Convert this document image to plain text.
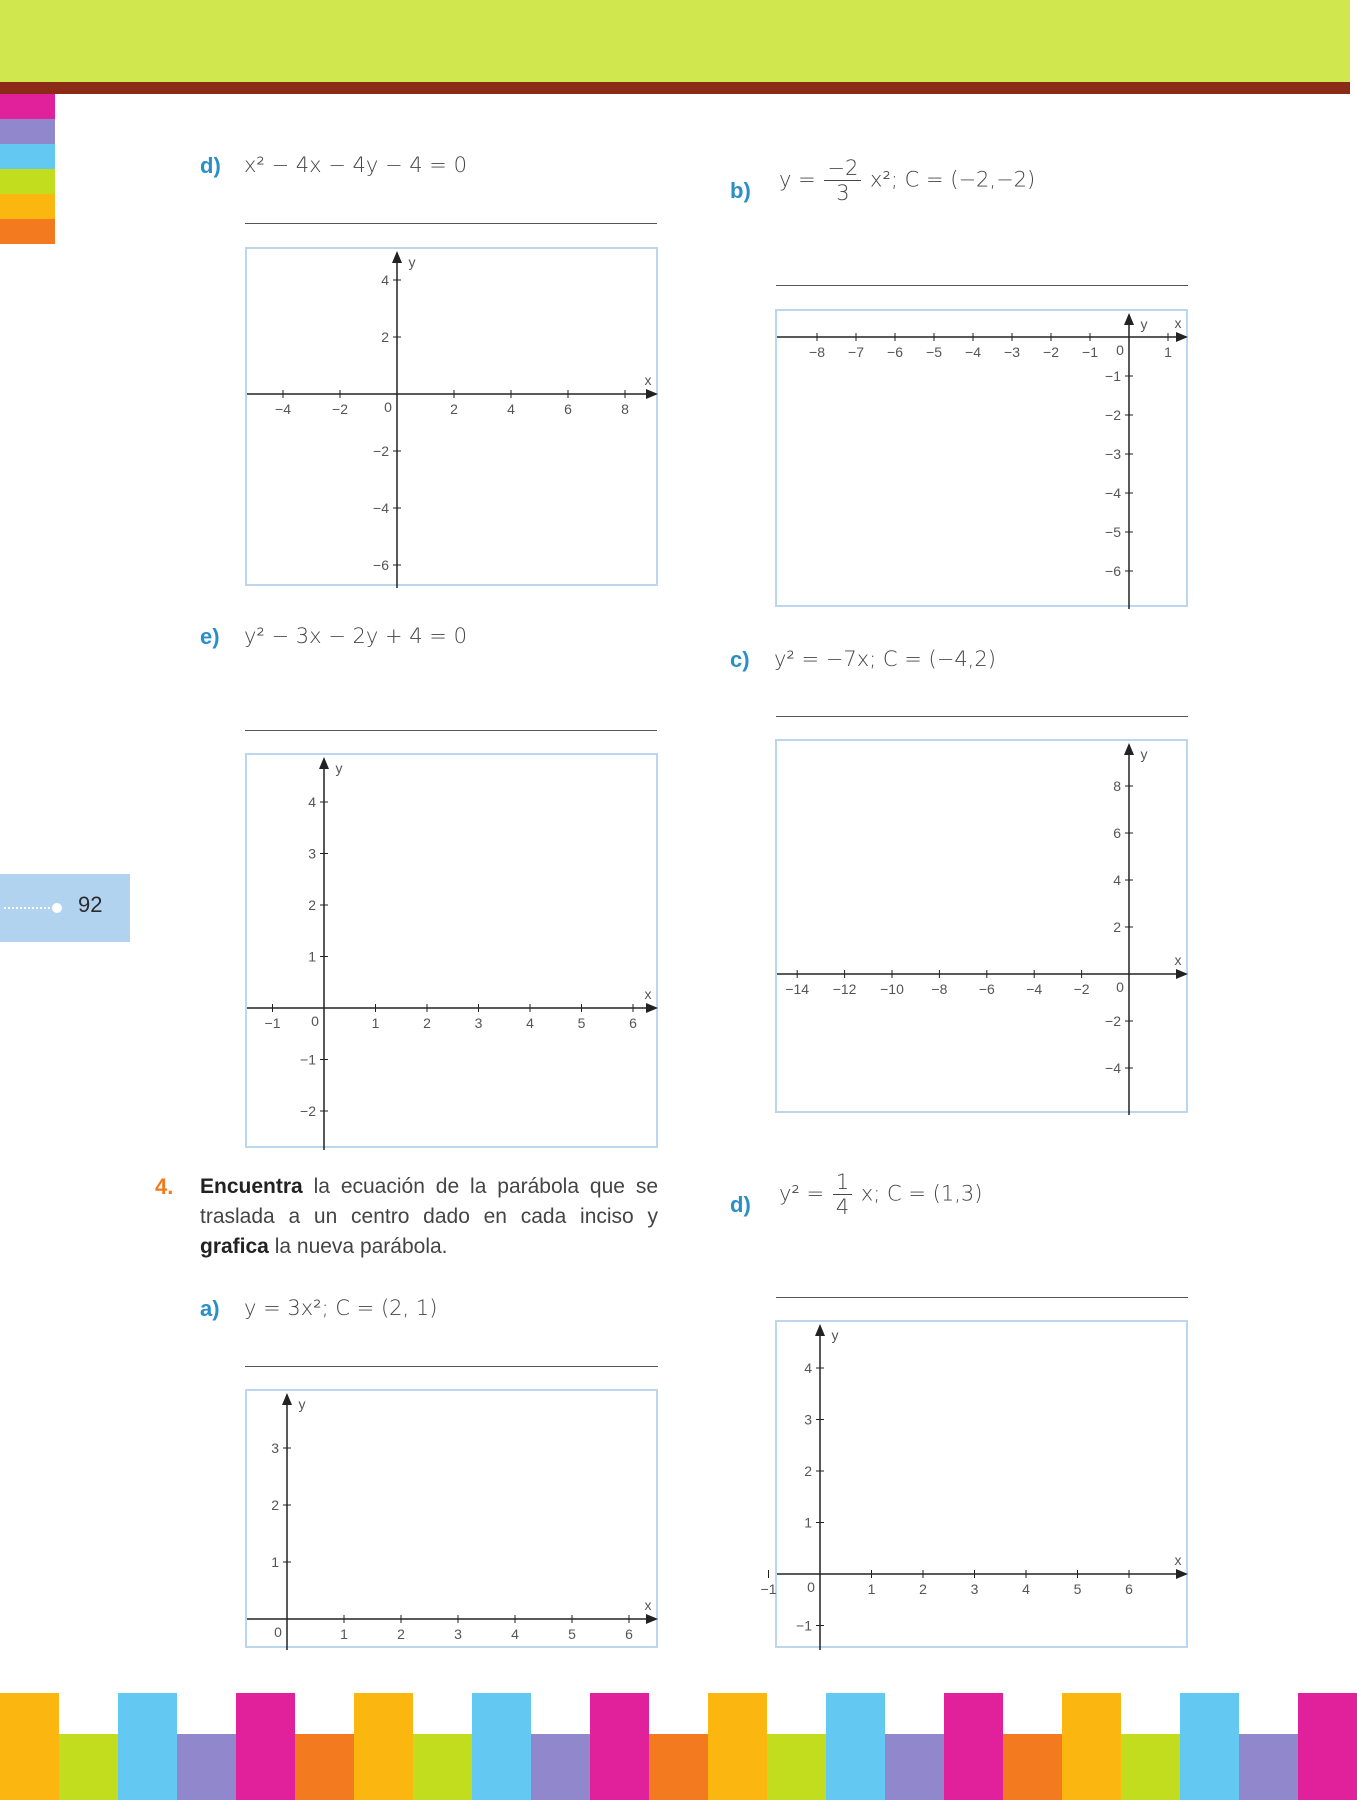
92
d) x² − 4x − 4y − 4 = 0
x
y
0
−4	−2	2	4	6	8
4
2
−2
−4
−6
e) y² − 3x − 2y + 4 = 0
x
y
0
−1	1	2	3	4	5	6
4
3
2
1
−1
−2
4. Encuentra la ecuación de la parábola que se traslada a un centro dado en cada inciso y grafica la nueva parábola.
a) y = 3x²; C = (2, 1)
x
y
0	1	2	3	4	5	6
3
2
1
b) $y = \frac{-2}{3} x^2$; C = (−2,−2)
x
y
0
−8 −7 −6 −5 −4 −3 −2 −1	1
−1
−2
−3
−4
−5
−6
c) y² = −7x; C = (−4,2)
x
y
0
−14 −12 −10 −8 −6 −4 −2
8
6
4
2
−2
−4
d) $y^2 = \frac{1}{4} x$; C = (1,3)
x
y
0
−1	1	2	3	4	5	6
4
3
2
1
−1
